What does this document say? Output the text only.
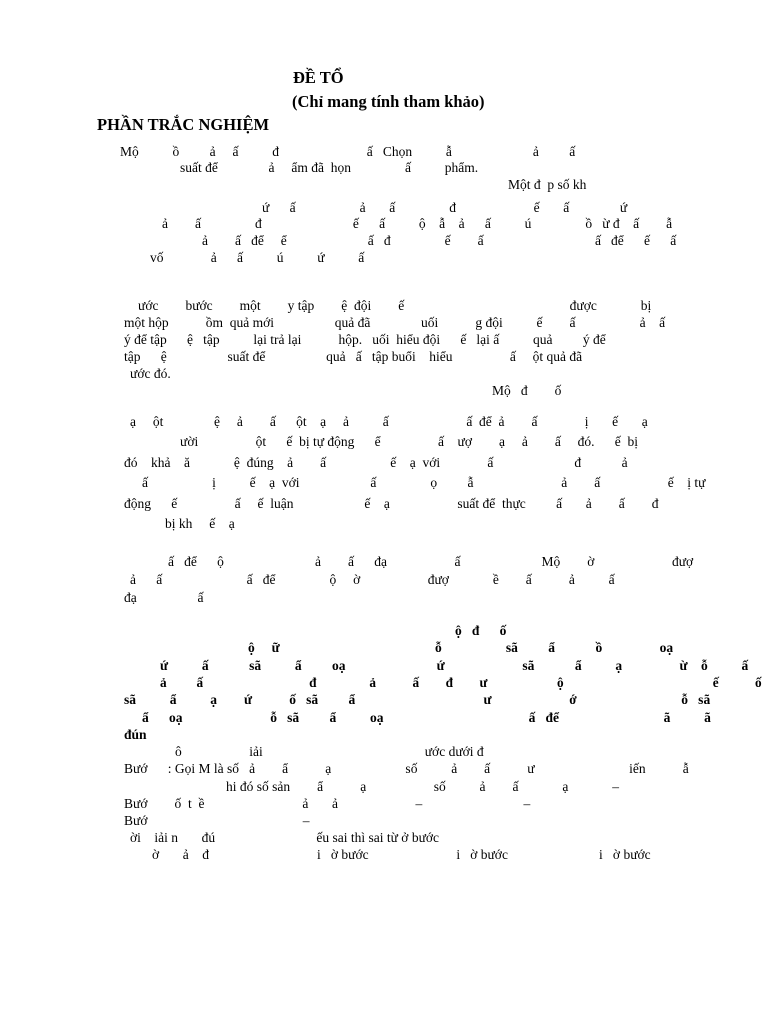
ĐỀ TỔ
(Chỉ mang tính tham khảo)
PHẦN TRẮC NGHIỆM
Mộ          ồ         ả     ấ          đ                          ấ   Chọn          ẫ                        ả         ấ
suất để               ả     ẩm đã  họn                ấ          phẩm.
Một đ  p số kh
ứ      ấ                   ả       ấ                đ                       ế       ấ               ứ
ả        ấ                đ                           ế      ấ          ộ    ẫ    ả      ấ          ú                ồ   ừ đ    ấ        ẫ
ả        ấ   để     ể                        ấ   đ                ế        ấ                                 ấ   để      ế      ấ
vố              ả      ấ          ú          ứ          ấ
ước        bước        một        y tập        ệ  đội        ế                                                 được             bị
một hộp           ồm  quả mới                  quả đã               uối           g đội          ế        ấ                   ả    ấ
ý để tập      ệ   tập          lại trả lại           hộp.   uối  hiểu đội      ế   lại ấ          quả         ý để
tập      ệ                  suất để                  quả   ấ   tập buổi    hiểu                 ấ     ột quả đã
ước đó.
Mộ   đ        ố
ạ     ột               ệ     ả        ấ      ột    ạ     ả          ấ                       ấ  để  ả        ấ              ị       ế       ạ
ười                 ột      ế  bị tự động      ể                 ấ    ượ        ạ     ả        ấ     đó.      ế  bị
đó    khả    ă             ệ  đúng    ả        ấ                   ế    ạ  với              ấ                        đ            ả
ấ                   ị          ế    ạ  với                     ấ                ọ         ẫ                          ả        ấ                    ế    ị tự
động      ế                 ấ     ế  luận                     ế    ạ                    suất để  thực         ấ       ả        ấ        đ
bị kh     ế    ạ
ấ   để      ộ                           ả        ấ      đạ                    ấ                        Mộ        ờ                       đượ
ả      ấ                         ấ   để                ộ     ờ                    đượ             ề        ấ           ả          ấ
đạ                  ấ
ộ   đ      ố
ộ     ữ                                              ỗ                   sã         ẩ            ồ                 oạ
ứ          ấ            sã          ẩ         oạ                           ứ                       sã            ẩ          ạ                 ừ    ỗ          ấ
ả         ấ                                đ                ả           ấ        đ        ư                     ộ                                             ế           ố
sã          ẩ          ạ        ứ           ố   sã         ẩ                                      ư                       ớ                               ỗ   sã
ẩ      oạ                          ỗ   sã         ẩ          oạ                                           ấ   để                               ã          ã
đún
ô                    iải                                                ước dưới đ
Bướ      : Gọi M là số   ả        ẩ           ạ                      số          ả        ấ           ư                            iến           ẫ
hi đó số sản        ẩ           ạ                    số          ả        ấ             ạ             –
Bướ        ố  t  ề                             ả       ả                       –                              –
Bướ                                              –
ời    iải n       đú                              ếu sai thì sai từ ở bước
ờ       ả    đ                                i   ờ bước                          i   ờ bước                           i   ờ bước
